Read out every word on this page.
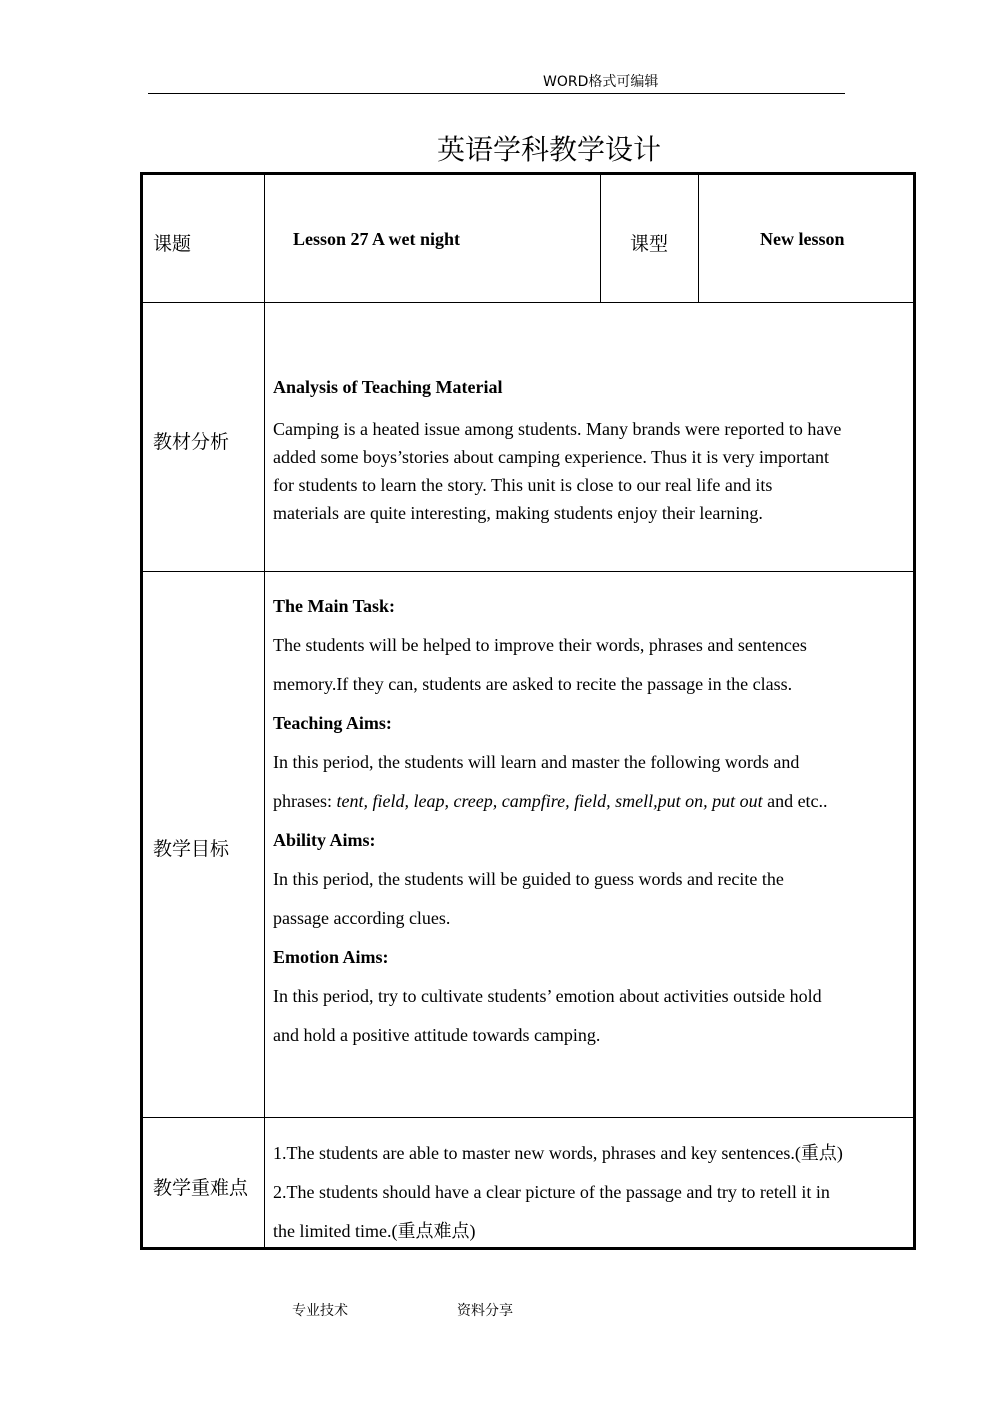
WORD格式可编辑
英语学科教学设计
课题	Lesson 27 A wet night	课型	New lesson
教材分析
Analysis of Teaching Material
Camping is a heated issue among students. Many brands were reported to have
added some boys’stories about camping experience. Thus it is very important
for students to learn the story. This unit is close to our real life and its
materials are quite interesting, making students enjoy their learning.
教学目标
The Main Task:
The students will be helped to improve their words, phrases and sentences
memory.If they can, students are asked to recite the passage in the class.
Teaching Aims:
In this period, the students will learn and master the following words and
phrases: tent, field, leap, creep, campfire, field, smell,put on, put out and etc..
Ability Aims:
In this period, the students will be guided to guess words and recite the
passage according clues.
Emotion Aims:
In this period, try to cultivate students’ emotion about activities outside hold
and hold a positive attitude towards camping.
教学重难点
1.The students are able to master new words, phrases and key sentences.(重点)
2.The students should have a clear picture of the passage and try to retell it in
the limited time.(重点难点)
专业技术	资料分享
